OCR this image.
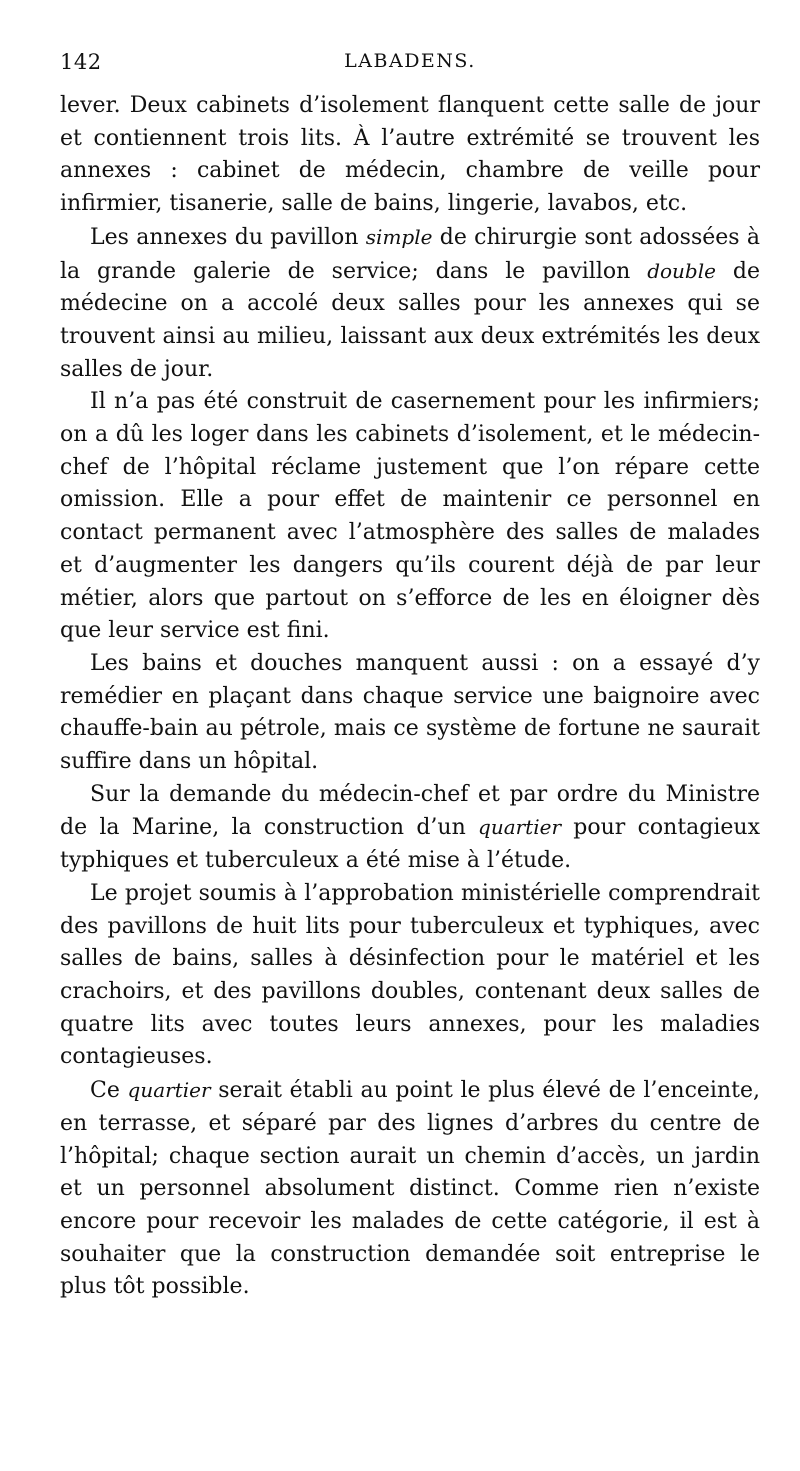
142	LABADENS.

lever. Deux cabinets d’isolement flanquent cette salle de jour et contiennent trois lits. À l’autre extrémité se trouvent les annexes : cabinet de médecin, chambre de veille pour infirmier, tisanerie, salle de bains, lingerie, lavabos, etc.

Les annexes du pavillon simple de chirurgie sont adossées à la grande galerie de service; dans le pavillon double de médecine on a accolé deux salles pour les annexes qui se trouvent ainsi au milieu, laissant aux deux extrémités les deux salles de jour.

Il n’a pas été construit de casernement pour les infirmiers; on a dû les loger dans les cabinets d’isolement, et le médecin-chef de l’hôpital réclame justement que l’on répare cette omission. Elle a pour effet de maintenir ce personnel en contact permanent avec l’atmosphère des salles de malades et d’augmenter les dangers qu’ils courent déjà de par leur métier, alors que partout on s’efforce de les en éloigner dès que leur service est fini.

Les bains et douches manquent aussi : on a essayé d’y remédier en plaçant dans chaque service une baignoire avec chauffe-bain au pétrole, mais ce système de fortune ne saurait suffire dans un hôpital.

Sur la demande du médecin-chef et par ordre du Ministre de la Marine, la construction d’un quartier pour contagieux typhiques et tuberculeux a été mise à l’étude.

Le projet soumis à l’approbation ministérielle comprendrait des pavillons de huit lits pour tuberculeux et typhiques, avec salles de bains, salles à désinfection pour le matériel et les crachoirs, et des pavillons doubles, contenant deux salles de quatre lits avec toutes leurs annexes, pour les maladies contagieuses.

Ce quartier serait établi au point le plus élevé de l’enceinte, en terrasse, et séparé par des lignes d’arbres du centre de l’hôpital; chaque section aurait un chemin d’accès, un jardin et un personnel absolument distinct. Comme rien n’existe encore pour recevoir les malades de cette catégorie, il est à souhaiter que la construction demandée soit entreprise le plus tôt possible.
